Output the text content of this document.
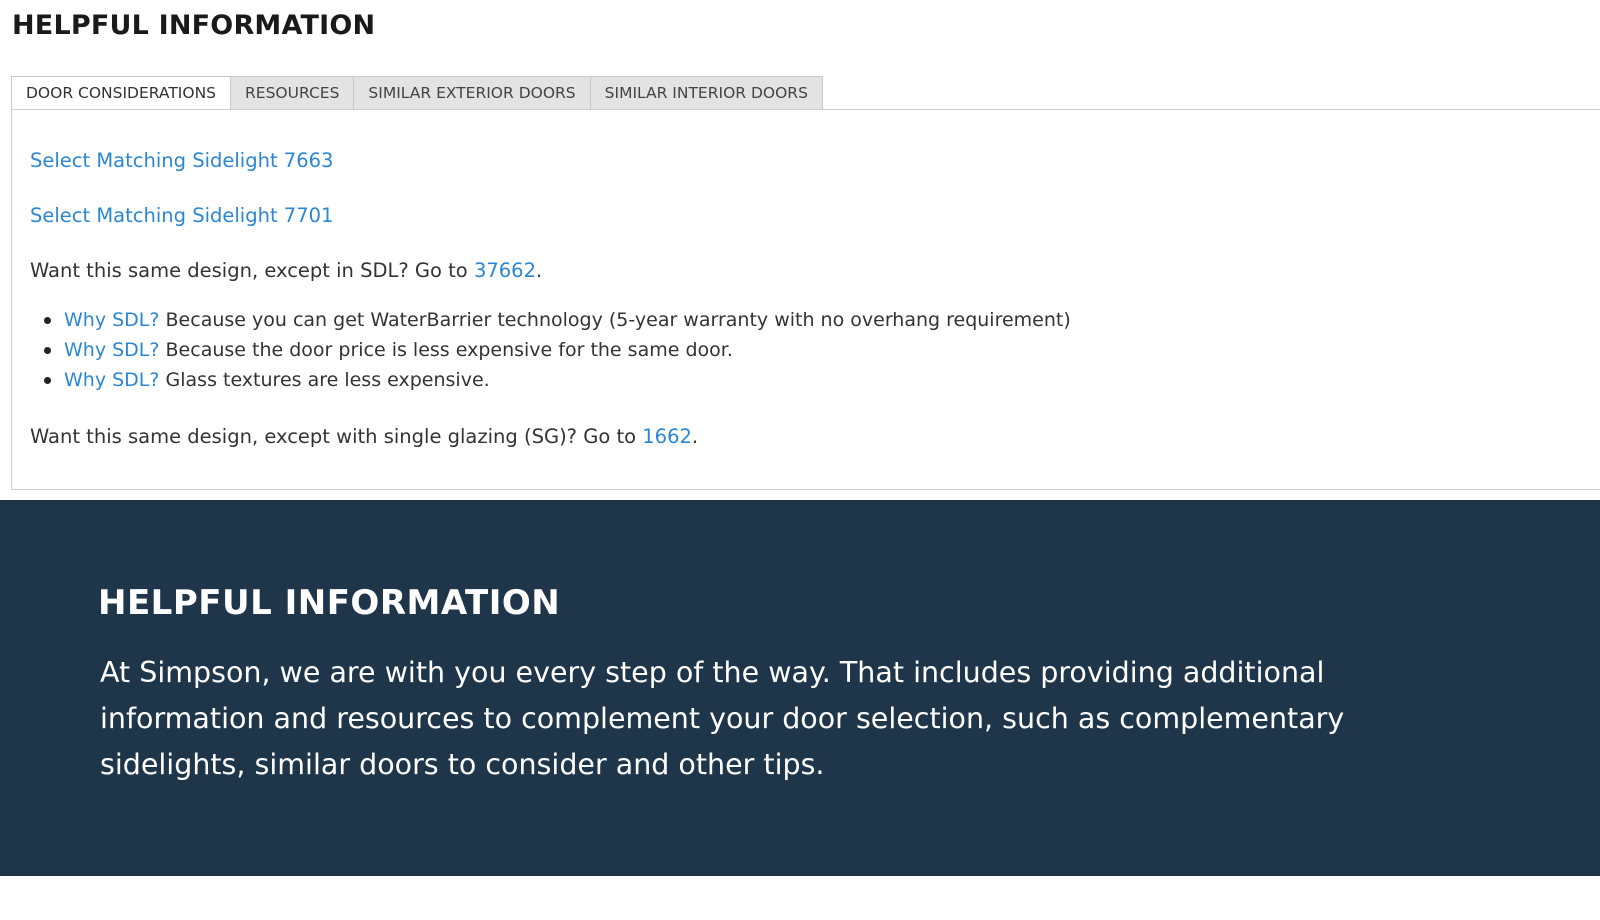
HELPFUL INFORMATION
DOOR CONSIDERATIONS	RESOURCES	SIMILAR EXTERIOR DOORS	SIMILAR INTERIOR DOORS

Select Matching Sidelight 7663

Select Matching Sidelight 7701

Want this same design, except in SDL? Go to 37662.

Why SDL? Because you can get WaterBarrier technology (5-year warranty with no overhang requirement)
Why SDL? Because the door price is less expensive for the same door.
Why SDL? Glass textures are less expensive.

Want this same design, except with single glazing (SG)? Go to 1662.

HELPFUL INFORMATION

At Simpson, we are with you every step of the way. That includes providing additional information and resources to complement your door selection, such as complementary sidelights, similar doors to consider and other tips.
